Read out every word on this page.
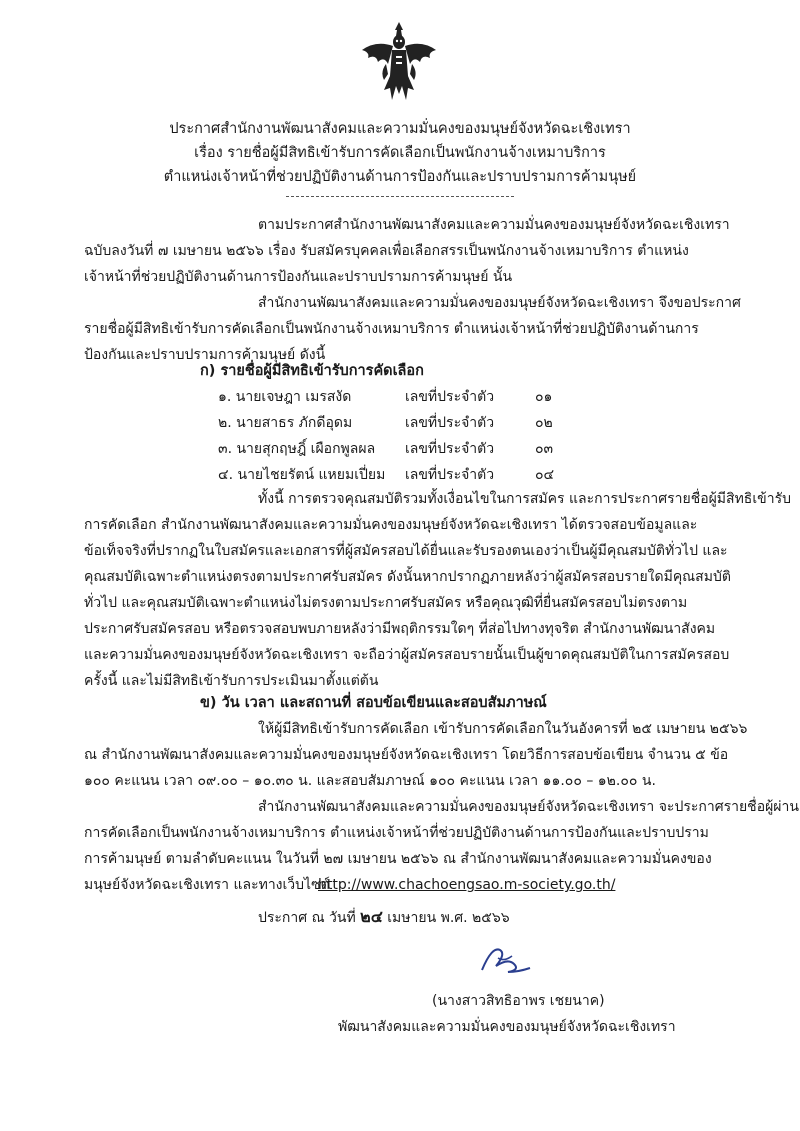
ประกาศสำนักงานพัฒนาสังคมและความมั่นคงของมนุษย์จังหวัดฉะเชิงเทรา
เรื่อง รายชื่อผู้มีสิทธิเข้ารับการคัดเลือกเป็นพนักงานจ้างเหมาบริการ
ตำแหน่งเจ้าหน้าที่ช่วยปฏิบัติงานด้านการป้องกันและปราบปรามการค้ามนุษย์
ตามประกาศสำนักงานพัฒนาสังคมและความมั่นคงของมนุษย์จังหวัดฉะเชิงเทรา
ฉบับลงวันที่ ๗ เมษายน ๒๕๖๖ เรื่อง รับสมัครบุคคลเพื่อเลือกสรรเป็นพนักงานจ้างเหมาบริการ ตำแหน่ง
เจ้าหน้าที่ช่วยปฏิบัติงานด้านการป้องกันและปราบปรามการค้ามนุษย์ นั้น
สำนักงานพัฒนาสังคมและความมั่นคงของมนุษย์จังหวัดฉะเชิงเทรา จึงขอประกาศ
รายชื่อผู้มีสิทธิเข้ารับการคัดเลือกเป็นพนักงานจ้างเหมาบริการ ตำแหน่งเจ้าหน้าที่ช่วยปฏิบัติงานด้านการ
ป้องกันและปราบปรามการค้ามนุษย์ ดังนี้
ก) รายชื่อผู้มีสิทธิเข้ารับการคัดเลือก
๑. นายเจษฎา เมรสงัด	เลขที่ประจำตัว	๐๑
๒. นายสาธร ภักดีอุดม	เลขที่ประจำตัว	๐๒
๓. นายสุกฤษฎิ์ เผือกพูลผล เลขที่ประจำตัว	๐๓
๔. นายไชยรัตน์ แหยมเปี่ยม เลขที่ประจำตัว	๐๔
ทั้งนี้ การตรวจคุณสมบัติรวมทั้งเงื่อนไขในการสมัคร และการประกาศรายชื่อผู้มีสิทธิเข้ารับ
การคัดเลือก สำนักงานพัฒนาสังคมและความมั่นคงของมนุษย์จังหวัดฉะเชิงเทรา ได้ตรวจสอบข้อมูลและ
ข้อเท็จจริงที่ปรากฏในใบสมัครและเอกสารที่ผู้สมัครสอบได้ยื่นและรับรองตนเองว่าเป็นผู้มีคุณสมบัติทั่วไป และ
คุณสมบัติเฉพาะตำแหน่งตรงตามประกาศรับสมัคร ดังนั้นหากปรากฏภายหลังว่าผู้สมัครสอบรายใดมีคุณสมบัติ
ทั่วไป และคุณสมบัติเฉพาะตำแหน่งไม่ตรงตามประกาศรับสมัคร หรือคุณวุฒิที่ยื่นสมัครสอบไม่ตรงตาม
ประกาศรับสมัครสอบ หรือตรวจสอบพบภายหลังว่ามีพฤติกรรมใดๆ ที่ส่อไปทางทุจริต สำนักงานพัฒนาสังคม
และความมั่นคงของมนุษย์จังหวัดฉะเชิงเทรา จะถือว่าผู้สมัครสอบรายนั้นเป็นผู้ขาดคุณสมบัติในการสมัครสอบ
ครั้งนี้ และไม่มีสิทธิเข้ารับการประเมินมาตั้งแต่ต้น
ข) วัน เวลา และสถานที่ สอบข้อเขียนและสอบสัมภาษณ์
ให้ผู้มีสิทธิเข้ารับการคัดเลือก เข้ารับการคัดเลือกในวันอังคารที่ ๒๕ เมษายน ๒๕๖๖
ณ สำนักงานพัฒนาสังคมและความมั่นคงของมนุษย์จังหวัดฉะเชิงเทรา โดยวิธีการสอบข้อเขียน จำนวน ๕ ข้อ
๑๐๐ คะแนน เวลา ๐๙.๐๐ – ๑๐.๓๐ น. และสอบสัมภาษณ์ ๑๐๐ คะแนน เวลา ๑๑.๐๐ – ๑๒.๐๐ น.
สำนักงานพัฒนาสังคมและความมั่นคงของมนุษย์จังหวัดฉะเชิงเทรา จะประกาศรายชื่อผู้ผ่าน
การคัดเลือกเป็นพนักงานจ้างเหมาบริการ ตำแหน่งเจ้าหน้าที่ช่วยปฏิบัติงานด้านการป้องกันและปราบปราม
การค้ามนุษย์ ตามลำดับคะแนน ในวันที่ ๒๗ เมษายน ๒๕๖๖ ณ สำนักงานพัฒนาสังคมและความมั่นคงของ
มนุษย์จังหวัดฉะเชิงเทรา และทางเว็บไซต์
http://www.chachoengsao.m-society.go.th/
ประกาศ ณ วันที่ ๒๔ เมษายน พ.ศ. ๒๕๖๖
(นางสาวสิทธิอาพร เชยนาค)
พัฒนาสังคมและความมั่นคงของมนุษย์จังหวัดฉะเชิงเทรา
